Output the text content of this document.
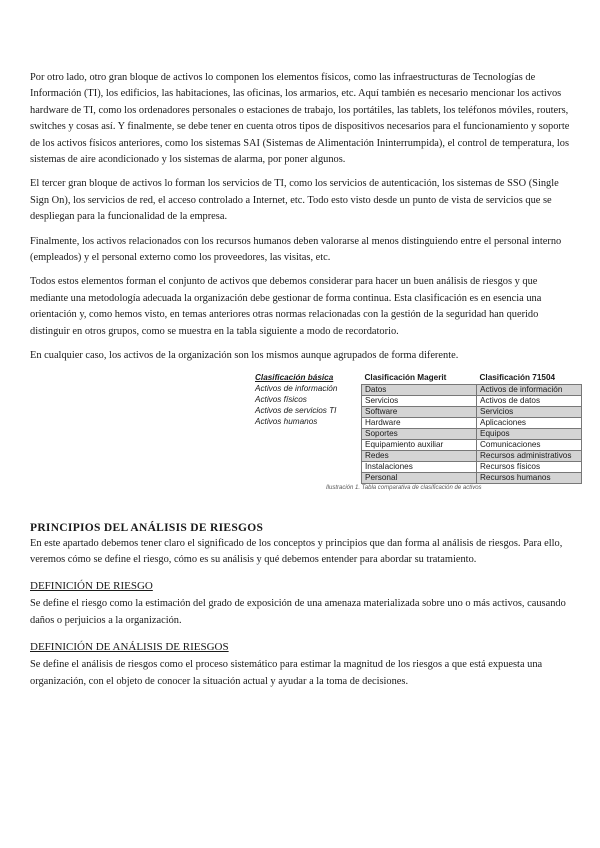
Por otro lado, otro gran bloque de activos lo componen los elementos físicos, como las infraestructuras de Tecnologías de Información (TI), los edificios, las habitaciones, las oficinas, los armarios, etc. Aquí también es necesario mencionar los activos hardware de TI, como los ordenadores personales o estaciones de trabajo, los portátiles, las tablets, los teléfonos móviles, routers, switches y cosas así. Y finalmente, se debe tener en cuenta otros tipos de dispositivos necesarios para el funcionamiento y soporte de los activos físicos anteriores, como los sistemas SAI (Sistemas de Alimentación Ininterrumpida), el control de temperatura, los sistemas de aire acondicionado y los sistemas de alarma, por poner algunos.

El tercer gran bloque de activos lo forman los servicios de TI, como los servicios de autenticación, los sistemas de SSO (Single Sign On), los servicios de red, el acceso controlado a Internet, etc. Todo esto visto desde un punto de vista de servicios que se despliegan para la funcionalidad de la empresa.

Finalmente, los activos relacionados con los recursos humanos deben valorarse al menos distinguiendo entre el personal interno (empleados) y el personal externo como los proveedores, las visitas, etc.

Todos estos elementos forman el conjunto de activos que debemos considerar para hacer un buen análisis de riesgos y que mediante una metodología adecuada la organización debe gestionar de forma continua. Esta clasificación es en esencia una orientación y, como hemos visto, en temas anteriores otras normas relacionadas con la gestión de la seguridad han querido distinguir en otros grupos, como se muestra en la tabla siguiente a modo de recordatorio.

En cualquier caso, los activos de la organización son los mismos aunque agrupados de forma diferente.

Clasificación básica	Clasificación Magerit	Clasificación 71504
Activos de información	Datos	Activos de información
Activos físicos	Servicios	Activos de datos
Activos de servicios TI	Software	Servicios
Activos humanos	Hardware	Aplicaciones
	Soportes	Equipos
	Equipamiento auxiliar	Comunicaciones
	Redes	Recursos administrativos
	Instalaciones	Recursos físicos
	Personal	Recursos humanos
Ilustración 1. Tabla comparativa de clasificación de activos
PRINCIPIOS DEL ANÁLISIS DE RIESGOS

En este apartado debemos tener claro el significado de los conceptos y principios que dan forma al análisis de riesgos. Para ello, veremos cómo se define el riesgo, cómo es su análisis y qué debemos entender para abordar su tratamiento.

DEFINICIÓN DE RIESGO

Se define el riesgo como la estimación del grado de exposición de una amenaza materializada sobre uno o más activos, causando daños o perjuicios a la organización.

DEFINICIÓN DE ANÁLISIS DE RIESGOS

Se define el análisis de riesgos como el proceso sistemático para estimar la magnitud de los riesgos a que está expuesta una organización, con el objeto de conocer la situación actual y ayudar a la toma de decisiones.
